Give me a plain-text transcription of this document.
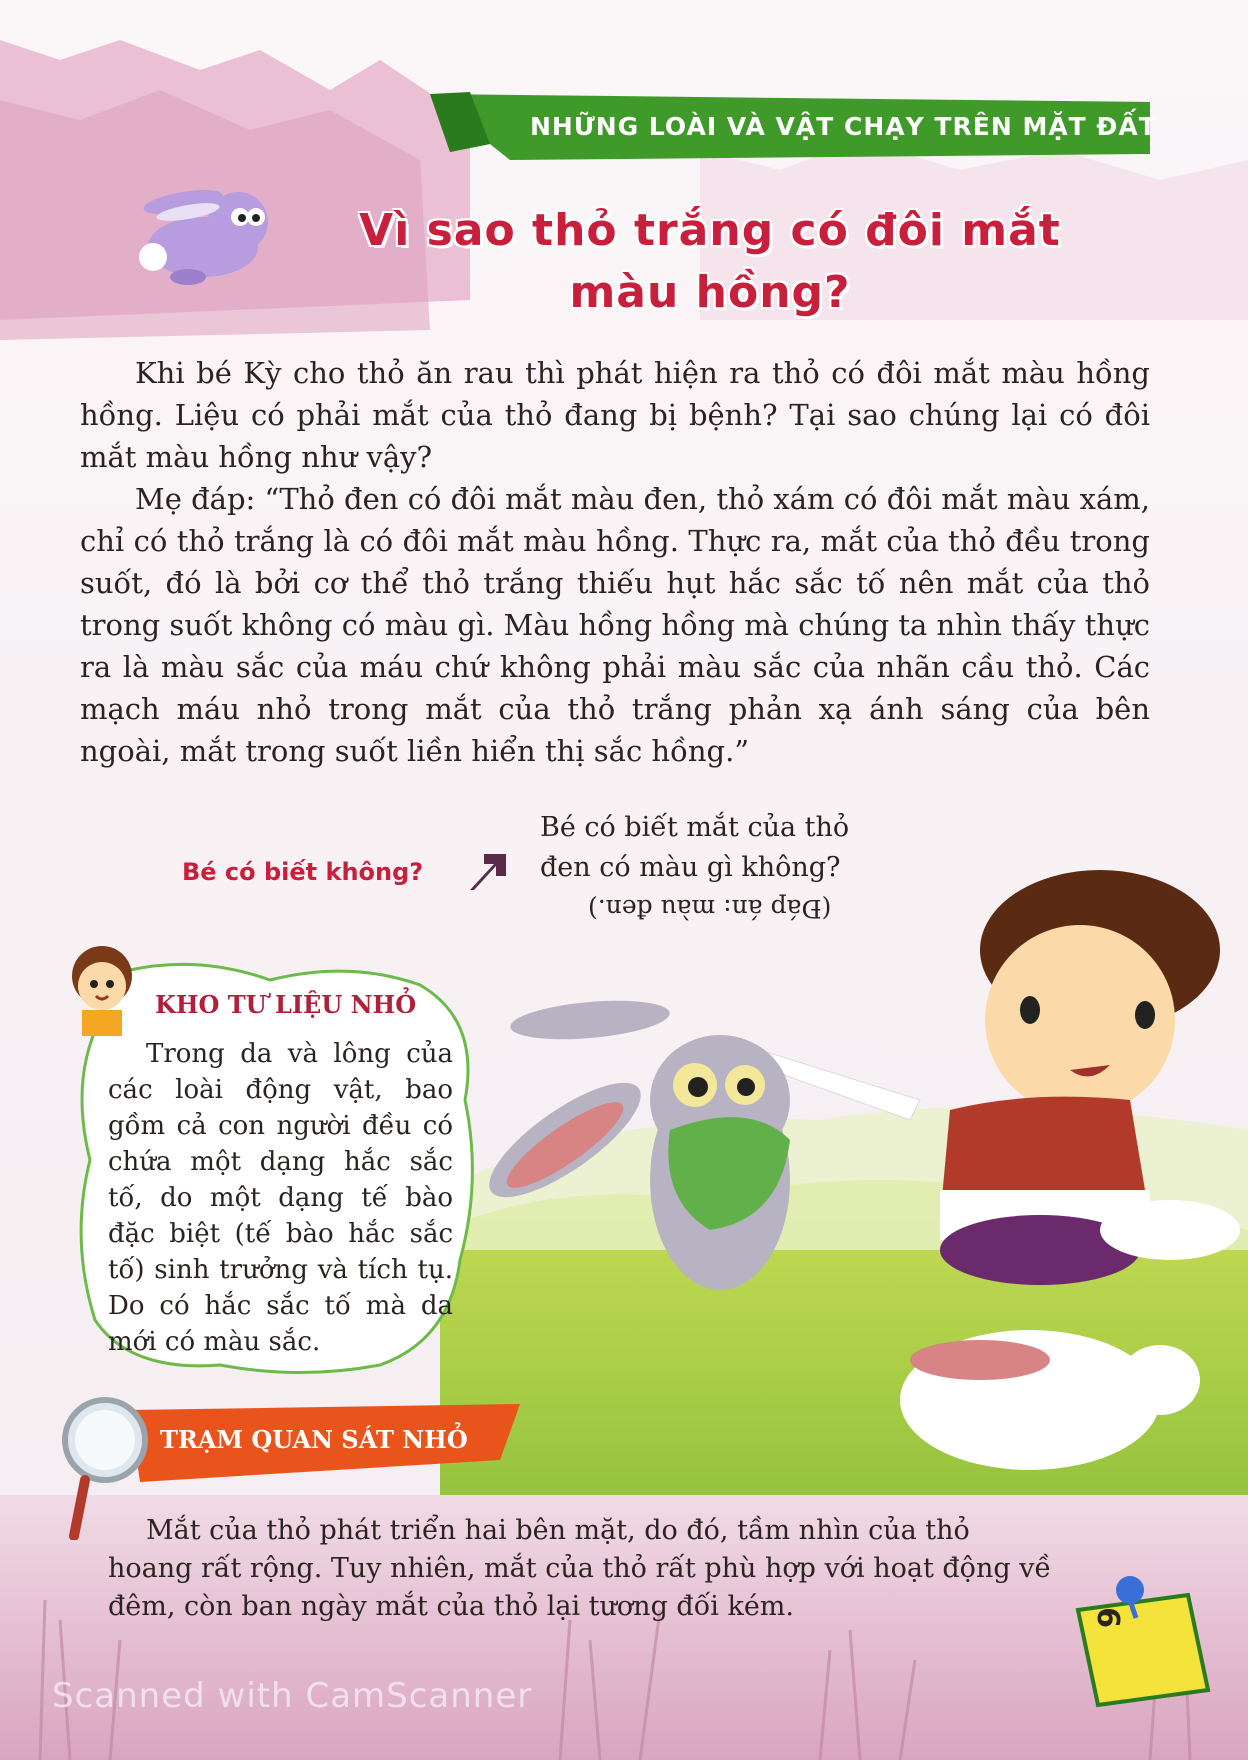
NHỮNG LOÀI VÀ VẬT CHẠY TRÊN MẶT ĐẤT
Vì sao thỏ trắng có đôi mắt
màu hồng?
Khi bé Kỳ cho thỏ ăn rau thì phát hiện ra thỏ có đôi mắt màu hồng hồng. Liệu có phải mắt của thỏ đang bị bệnh? Tại sao chúng lại có đôi mắt màu hồng như vậy?
Mẹ đáp: “Thỏ đen có đôi mắt màu đen, thỏ xám có đôi mắt màu xám, chỉ có thỏ trắng là có đôi mắt màu hồng. Thực ra, mắt của thỏ đều trong suốt, đó là bởi cơ thể thỏ trắng thiếu hụt hắc sắc tố nên mắt của thỏ trong suốt không có màu gì. Màu hồng hồng mà chúng ta nhìn thấy thực ra là màu sắc của máu chứ không phải màu sắc của nhãn cầu thỏ. Các mạch máu nhỏ trong mắt của thỏ trắng phản xạ ánh sáng của bên ngoài, mắt trong suốt liền hiển thị sắc hồng.”
Bé có biết không?
Bé có biết mắt của thỏ đen có màu gì không?
(Đáp án: màu đen.)
KHO TƯ LIỆU NHỎ
Trong da và lông của các loài động vật, bao gồm cả con người đều có chứa một dạng hắc sắc tố, do một dạng tế bào đặc biệt (tế bào hắc sắc tố) sinh trưởng và tích tụ. Do có hắc sắc tố mà da mới có màu sắc.
TRẠM QUAN SÁT NHỎ
Mắt của thỏ phát triển hai bên mặt, do đó, tầm nhìn của thỏ hoang rất rộng. Tuy nhiên, mắt của thỏ rất phù hợp với hoạt động về đêm, còn ban ngày mắt của thỏ lại tương đối kém.	9
Scanned with CamScanner
